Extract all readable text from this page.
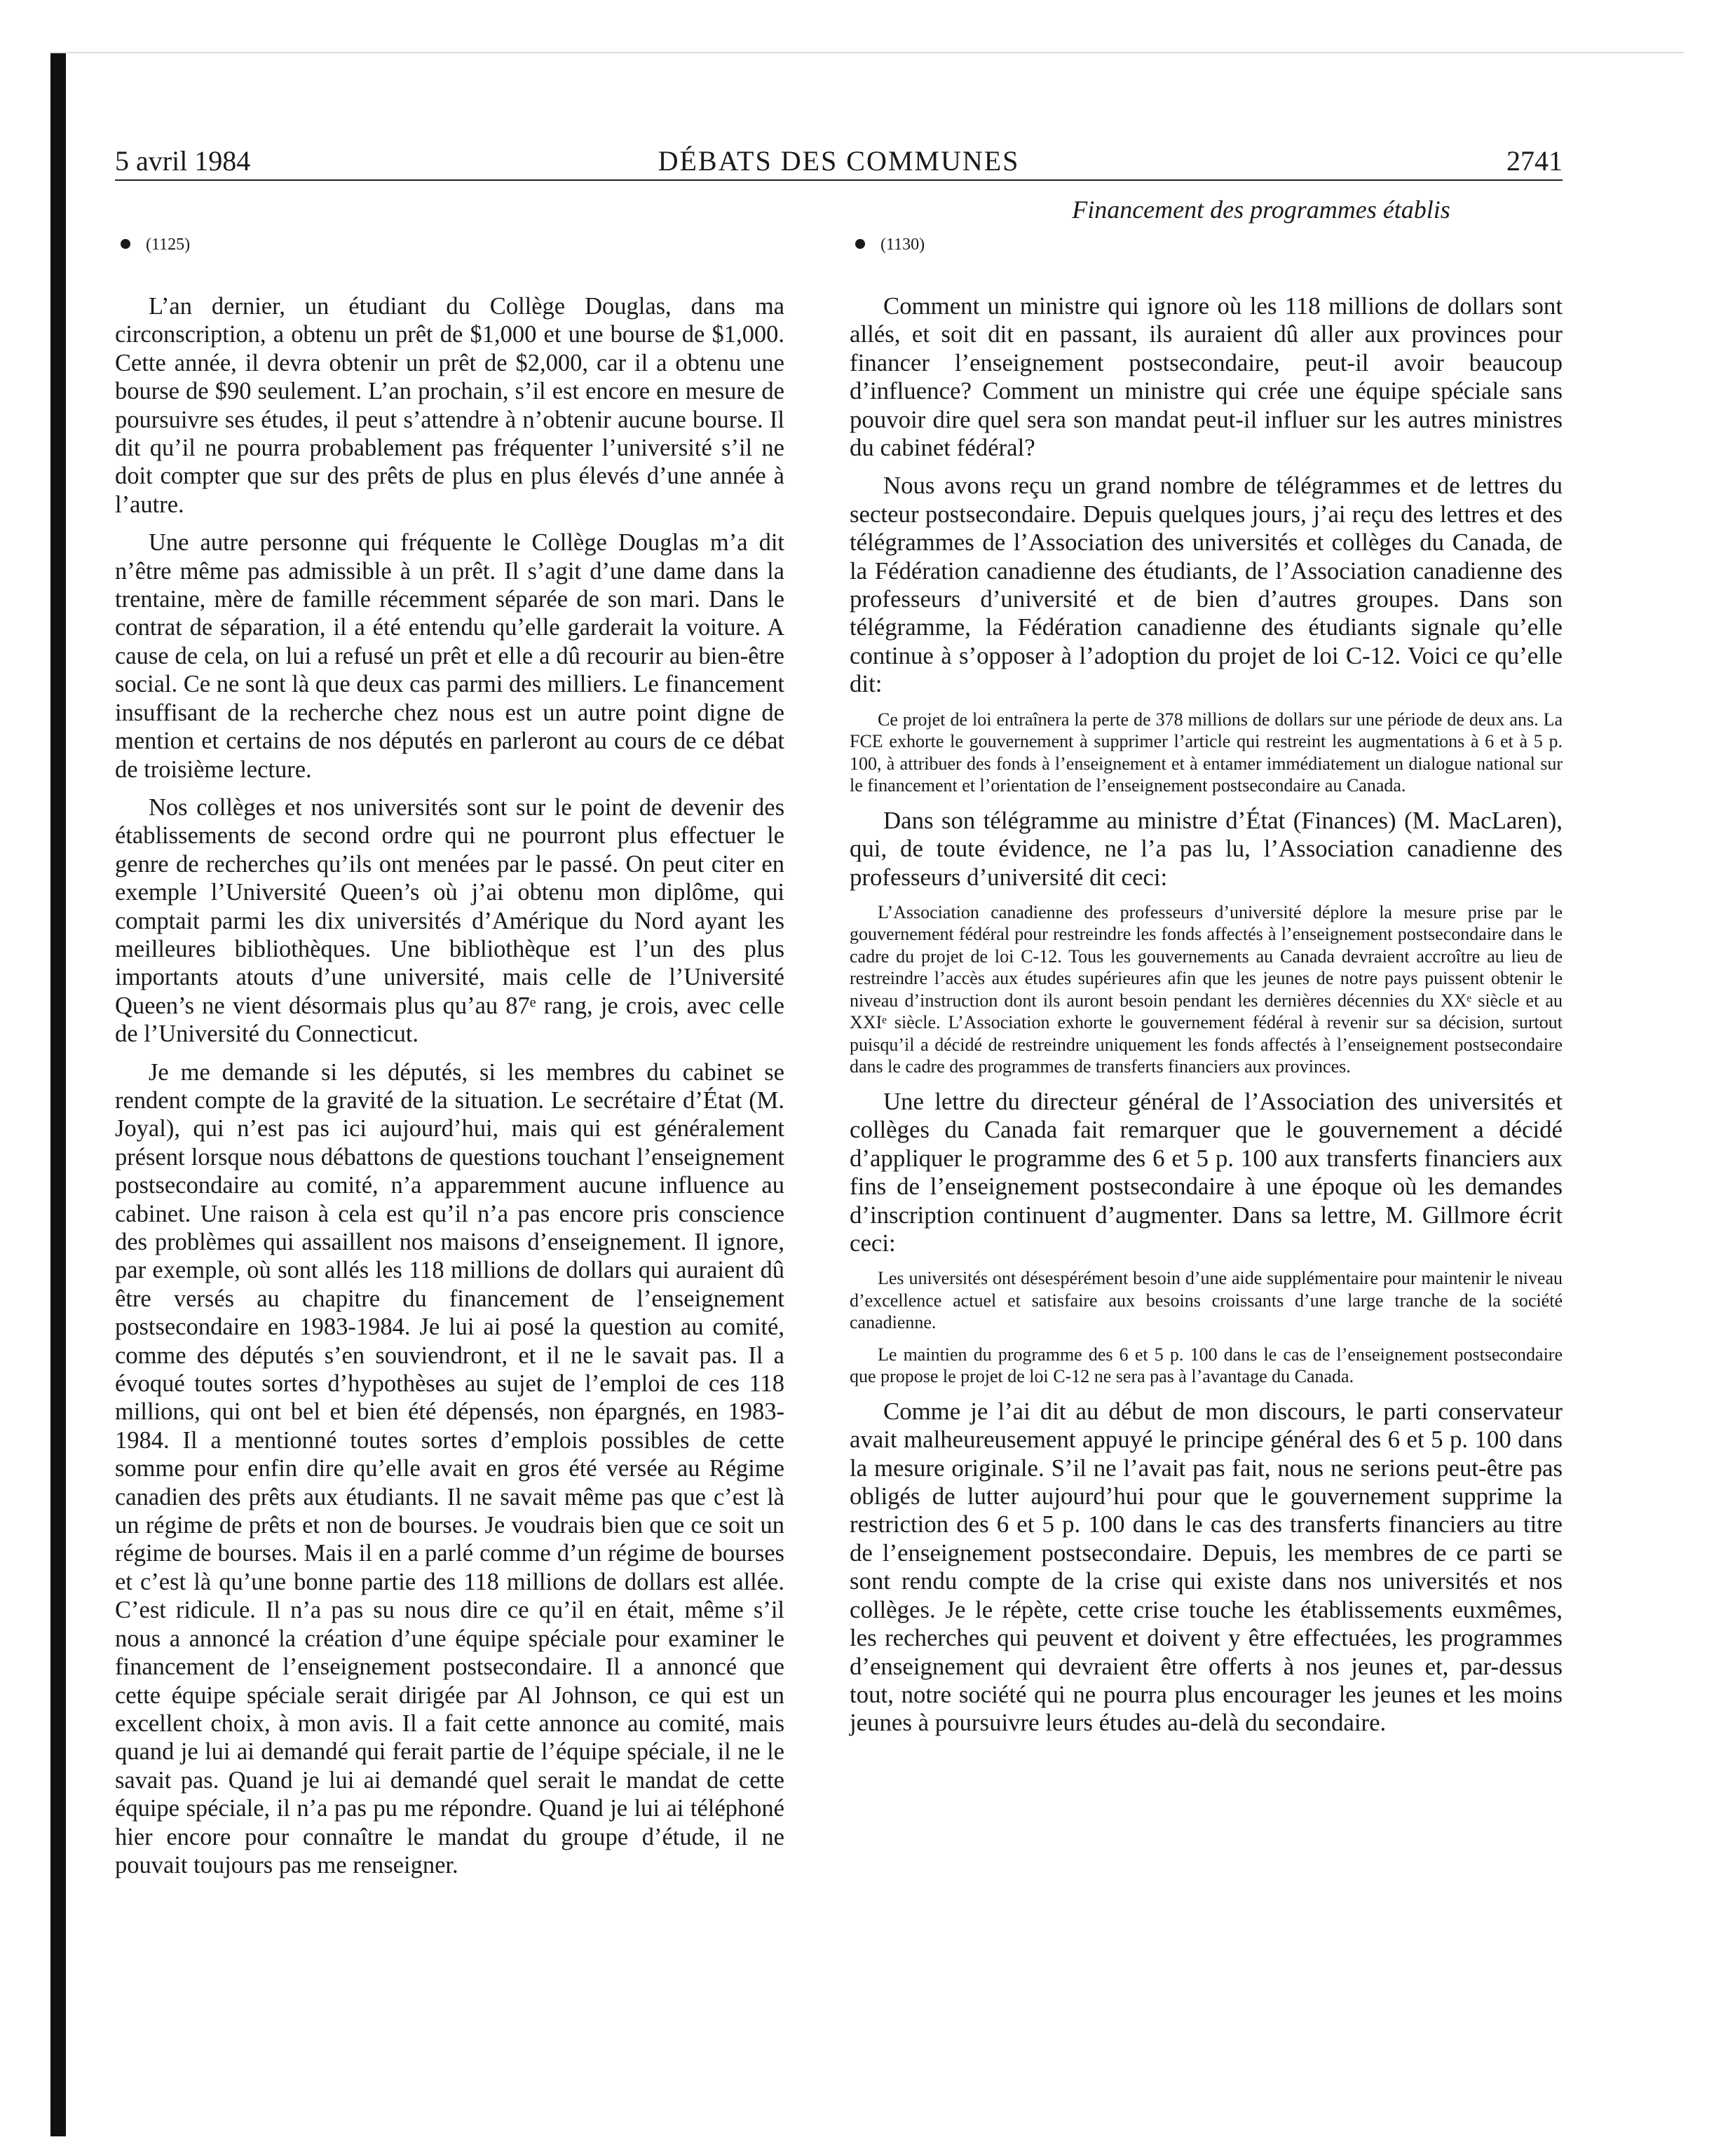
5 avril 1984	DÉBATS DES COMMUNES	2741
Financement des programmes établis
(1125)

L’an dernier, un étudiant du Collège Douglas, dans ma circonscription, a obtenu un prêt de $1,000 et une bourse de $1,000. Cette année, il devra obtenir un prêt de $2,000, car il a obtenu une bourse de $90 seulement. L’an prochain, s’il est encore en mesure de poursuivre ses études, il peut s’attendre à n’obtenir aucune bourse. Il dit qu’il ne pourra probablement pas fréquenter l’université s’il ne doit compter que sur des prêts de plus en plus élevés d’une année à l’autre.

Une autre personne qui fréquente le Collège Douglas m’a dit n’être même pas admissible à un prêt. Il s’agit d’une dame dans la trentaine, mère de famille récemment séparée de son mari. Dans le contrat de séparation, il a été entendu qu’elle garderait la voiture. A cause de cela, on lui a refusé un prêt et elle a dû recourir au bien-être social. Ce ne sont là que deux cas parmi des milliers. Le financement insuffisant de la recherche chez nous est un autre point digne de mention et certains de nos députés en parleront au cours de ce débat de troisième lecture.

Nos collèges et nos universités sont sur le point de devenir des établissements de second ordre qui ne pourront plus effectuer le genre de recherches qu’ils ont menées par le passé. On peut citer en exemple l’Université Queen’s où j’ai obtenu mon diplôme, qui comptait parmi les dix universités d’Amérique du Nord ayant les meilleures bibliothèques. Une bibliothèque est l’un des plus importants atouts d’une université, mais celle de l’Université Queen’s ne vient désormais plus qu’au 87ᵉ rang, je crois, avec celle de l’Université du Connecticut.

Je me demande si les députés, si les membres du cabinet se rendent compte de la gravité de la situation. Le secrétaire d’État (M. Joyal), qui n’est pas ici aujourd’hui, mais qui est généralement présent lorsque nous débattons de questions touchant l’enseignement postsecondaire au comité, n’a apparemment aucune influence au cabinet. Une raison à cela est qu’il n’a pas encore pris conscience des problèmes qui assaillent nos maisons d’enseignement. Il ignore, par exemple, où sont allés les 118 millions de dollars qui auraient dû être versés au chapitre du financement de l’enseignement postsecondaire en 1983-1984. Je lui ai posé la question au comité, comme des députés s’en souviendront, et il ne le savait pas. Il a évoqué toutes sortes d’hypothèses au sujet de l’emploi de ces 118 millions, qui ont bel et bien été dépensés, non épargnés, en 1983-1984. Il a mentionné toutes sortes d’emplois possibles de cette somme pour enfin dire qu’elle avait en gros été versée au Régime canadien des prêts aux étudiants. Il ne savait même pas que c’est là un régime de prêts et non de bourses. Je voudrais bien que ce soit un régime de bourses. Mais il en a parlé comme d’un régime de bourses et c’est là qu’une bonne partie des 118 millions de dollars est allée. C’est ridicule. Il n’a pas su nous dire ce qu’il en était, même s’il nous a annoncé la création d’une équipe spéciale pour examiner le financement de l’enseignement postsecondaire. Il a annoncé que cette équipe spéciale serait dirigée par Al Johnson, ce qui est un excellent choix, à mon avis. Il a fait cette annonce au comité, mais quand je lui ai demandé qui ferait partie de l’équipe spéciale, il ne le savait pas. Quand je lui ai demandé quel serait le mandat de cette équipe spéciale, il n’a pas pu me répondre. Quand je lui ai téléphoné hier encore pour connaître le mandat du groupe d’étude, il ne pouvait toujours pas me renseigner.

(1130)

Comment un ministre qui ignore où les 118 millions de dollars sont allés, et soit dit en passant, ils auraient dû aller aux provinces pour financer l’enseignement postsecondaire, peut-il avoir beaucoup d’influence? Comment un ministre qui crée une équipe spéciale sans pouvoir dire quel sera son mandat peut-il influer sur les autres ministres du cabinet fédéral?

Nous avons reçu un grand nombre de télégrammes et de lettres du secteur postsecondaire. Depuis quelques jours, j’ai reçu des lettres et des télégrammes de l’Association des universités et collèges du Canada, de la Fédération canadienne des étudiants, de l’Association canadienne des professeurs d’université et de bien d’autres groupes. Dans son télégramme, la Fédération canadienne des étudiants signale qu’elle continue à s’opposer à l’adoption du projet de loi C-12. Voici ce qu’elle dit:

Ce projet de loi entraînera la perte de 378 millions de dollars sur une période de deux ans. La FCE exhorte le gouvernement à supprimer l’article qui restreint les augmentations à 6 et à 5 p. 100, à attribuer des fonds à l’enseignement et à entamer immédiatement un dialogue national sur le financement et l’orientation de l’enseignement postsecondaire au Canada.

Dans son télégramme au ministre d’État (Finances) (M. MacLaren), qui, de toute évidence, ne l’a pas lu, l’Association canadienne des professeurs d’université dit ceci:

L’Association canadienne des professeurs d’université déplore la mesure prise par le gouvernement fédéral pour restreindre les fonds affectés à l’enseignement postsecondaire dans le cadre du projet de loi C-12. Tous les gouvernements au Canada devraient accroître au lieu de restreindre l’accès aux études supérieures afin que les jeunes de notre pays puissent obtenir le niveau d’instruction dont ils auront besoin pendant les dernières décennies du XXᵉ siècle et au XXIᵉ siècle. L’Association exhorte le gouvernement fédéral à revenir sur sa décision, surtout puisqu’il a décidé de restreindre uniquement les fonds affectés à l’enseignement postsecondaire dans le cadre des programmes de transferts financiers aux provinces.

Une lettre du directeur général de l’Association des universités et collèges du Canada fait remarquer que le gouvernement a décidé d’appliquer le programme des 6 et 5 p. 100 aux transferts financiers aux fins de l’enseignement postsecondaire à une époque où les demandes d’inscription continuent d’augmenter. Dans sa lettre, M. Gillmore écrit ceci:

Les universités ont désespérément besoin d’une aide supplémentaire pour maintenir le niveau d’excellence actuel et satisfaire aux besoins croissants d’une large tranche de la société canadienne.

Le maintien du programme des 6 et 5 p. 100 dans le cas de l’enseignement postsecondaire que propose le projet de loi C-12 ne sera pas à l’avantage du Canada.

Comme je l’ai dit au début de mon discours, le parti conservateur avait malheureusement appuyé le principe général des 6 et 5 p. 100 dans la mesure originale. S’il ne l’avait pas fait, nous ne serions peut-être pas obligés de lutter aujourd’hui pour que le gouvernement supprime la restriction des 6 et 5 p. 100 dans le cas des transferts financiers au titre de l’enseignement postsecondaire. Depuis, les membres de ce parti se sont rendu compte de la crise qui existe dans nos universités et nos collèges. Je le répète, cette crise touche les établissements euxmêmes, les recherches qui peuvent et doivent y être effectuées, les programmes d’enseignement qui devraient être offerts à nos jeunes et, par-dessus tout, notre société qui ne pourra plus encourager les jeunes et les moins jeunes à poursuivre leurs études au-delà du secondaire.
